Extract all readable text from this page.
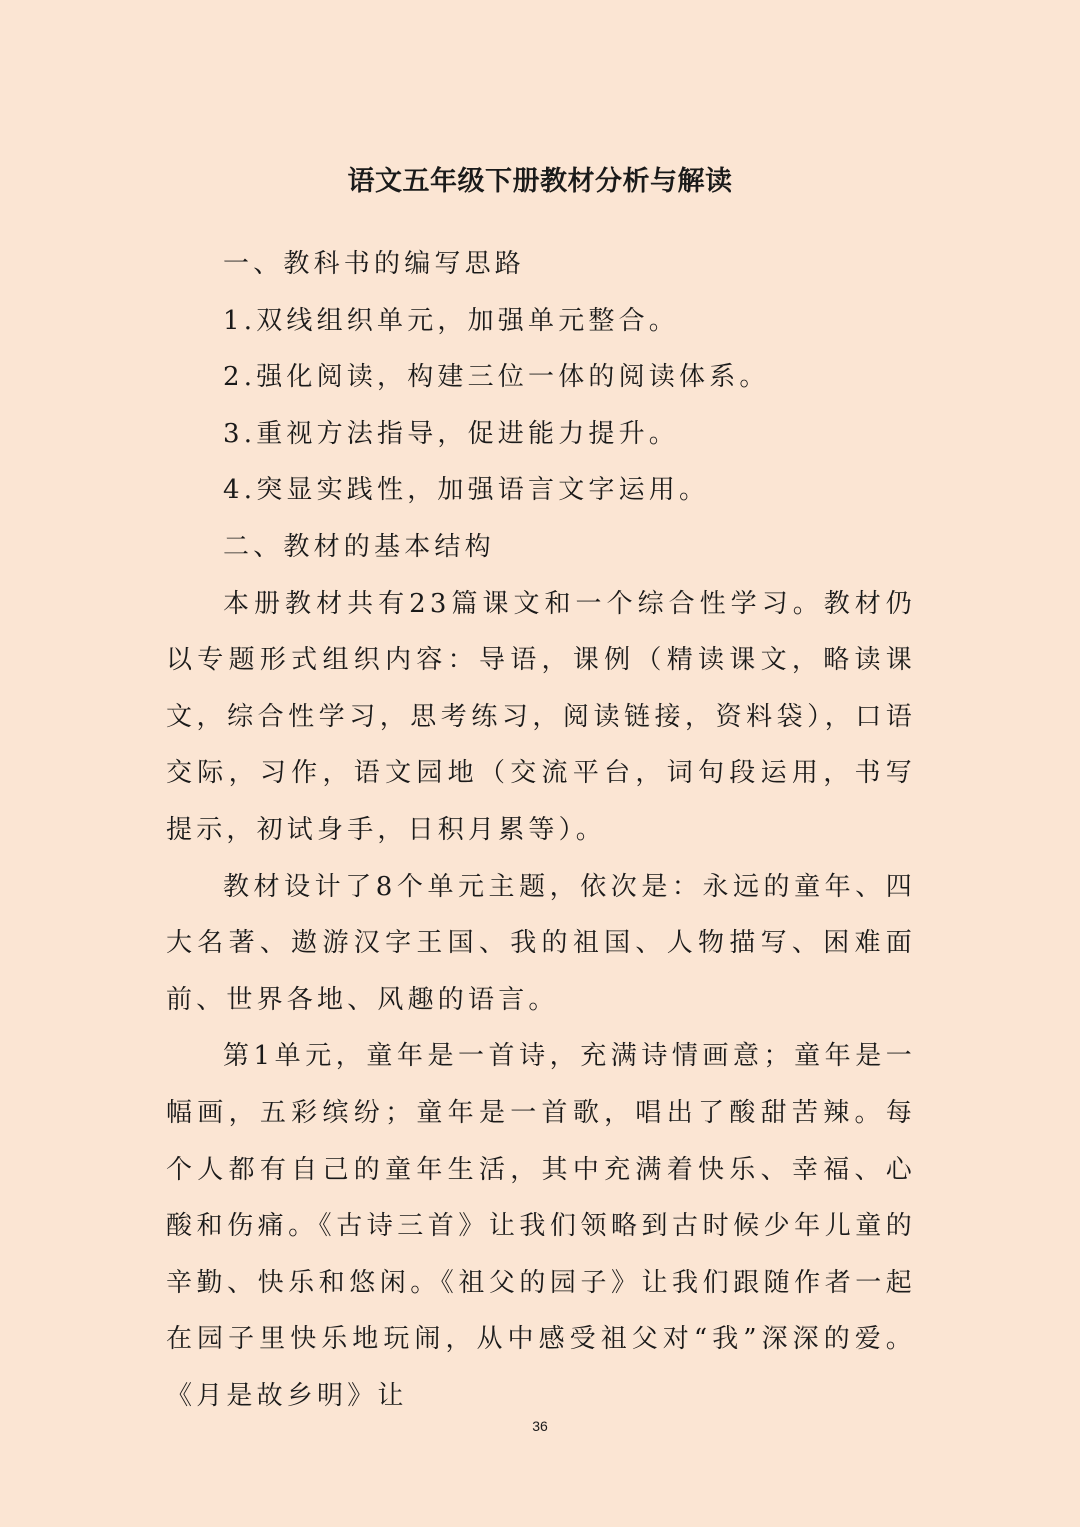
语文五年级下册教材分析与解读

一、教科书的编写思路

1.双线组织单元，加强单元整合。

2.强化阅读，构建三位一体的阅读体系。

3.重视方法指导，促进能力提升。

4.突显实践性，加强语言文字运用。

二、教材的基本结构

本册教材共有23篇课文和一个综合性学习。教材仍以专题形式组织内容：导语，课例（精读课文，略读课文，综合性学习，思考练习，阅读链接，资料袋），口语交际，习作，语文园地（交流平台，词句段运用，书写提示，初试身手，日积月累等）。

教材设计了8个单元主题，依次是：永远的童年、四大名著、遨游汉字王国、我的祖国、人物描写、困难面前、世界各地、风趣的语言。

第1单元，童年是一首诗，充满诗情画意；童年是一幅画，五彩缤纷；童年是一首歌，唱出了酸甜苦辣。每个人都有自己的童年生活，其中充满着快乐、幸福、心酸和伤痛。《古诗三首》让我们领略到古时候少年儿童的辛勤、快乐和悠闲。《祖父的园子》让我们跟随作者一起在园子里快乐地玩闹，从中感受祖父对“我”深深的爱。《月是故乡明》让

36
